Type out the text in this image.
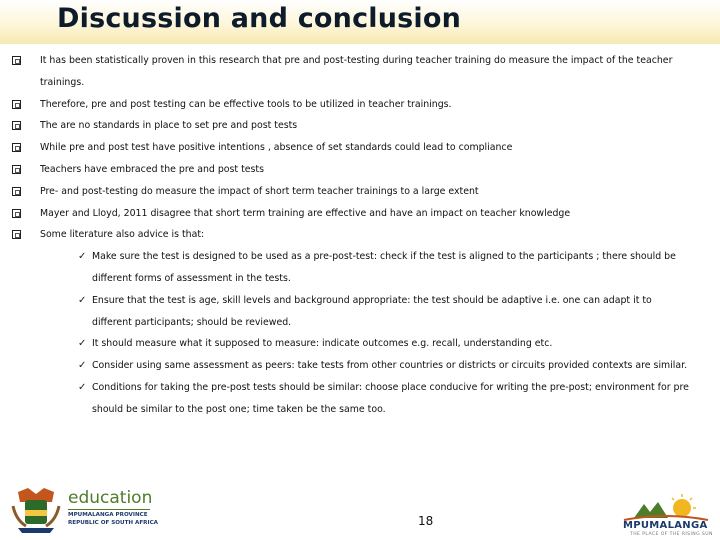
Discussion and conclusion
It has been statistically proven in this research that pre and post-testing during teacher training do measure the impact of the teacher trainings.
Therefore, pre and post testing can be effective tools to be utilized in teacher trainings.
The are no standards in place to set pre and post tests
While pre and post test have positive intentions , absence of set standards could lead to compliance
Teachers have embraced the pre and post tests
Pre- and post-testing do measure the impact of short term teacher trainings to a large extent
Mayer and Lloyd, 2011 disagree that short term training are effective and have an impact on teacher knowledge
Some literature also advice is that:
✓ Make sure the test is designed to be used as a pre-post-test: check if the test is aligned to the participants ; there should be different forms of assessment in the tests.
✓ Ensure that the test is age, skill levels and background appropriate: the test should be adaptive i.e. one can adapt it to different participants; should be reviewed.
✓ It should measure what it supposed to measure: indicate outcomes e.g. recall, understanding etc.
✓ Consider using same assessment as peers: take tests from other countries or districts or circuits provided contexts are similar.
✓ Conditions for taking the pre-post tests should be similar: choose place conducive for writing the pre-post; environment for pre should be similar to the post one; time taken be the same too.
education
MPUMALANGA PROVINCE
REPUBLIC OF SOUTH AFRICA	18	MPUMALANGA
THE PLACE OF THE RISING SUN
